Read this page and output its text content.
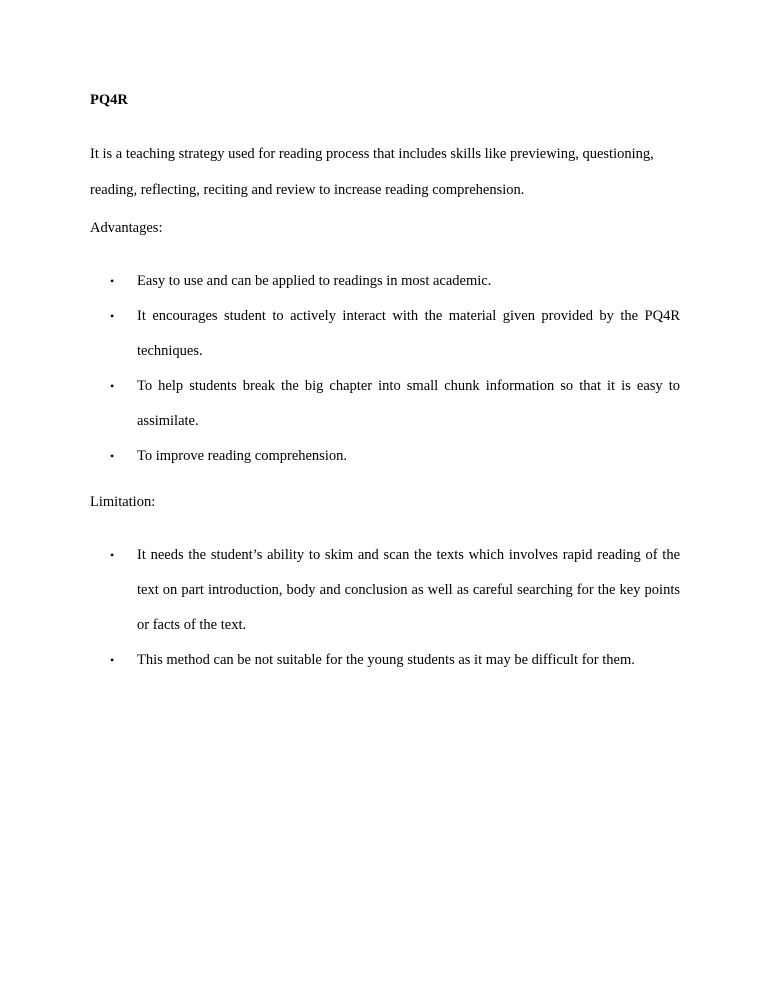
PQ4R
It is a teaching strategy used for reading process that includes skills like previewing, questioning, reading, reflecting, reciting and review to increase reading comprehension.
Advantages:
• Easy to use and can be applied to readings in most academic.
• It encourages student to actively interact with the material given provided by the PQ4R techniques.
• To help students break the big chapter into small chunk information so that it is easy to assimilate.
• To improve reading comprehension.
Limitation:
• It needs the student’s ability to skim and scan the texts which involves rapid reading of the text on part introduction, body and conclusion as well as careful searching for the key points or facts of the text.
• This method can be not suitable for the young students as it may be difficult for them.
